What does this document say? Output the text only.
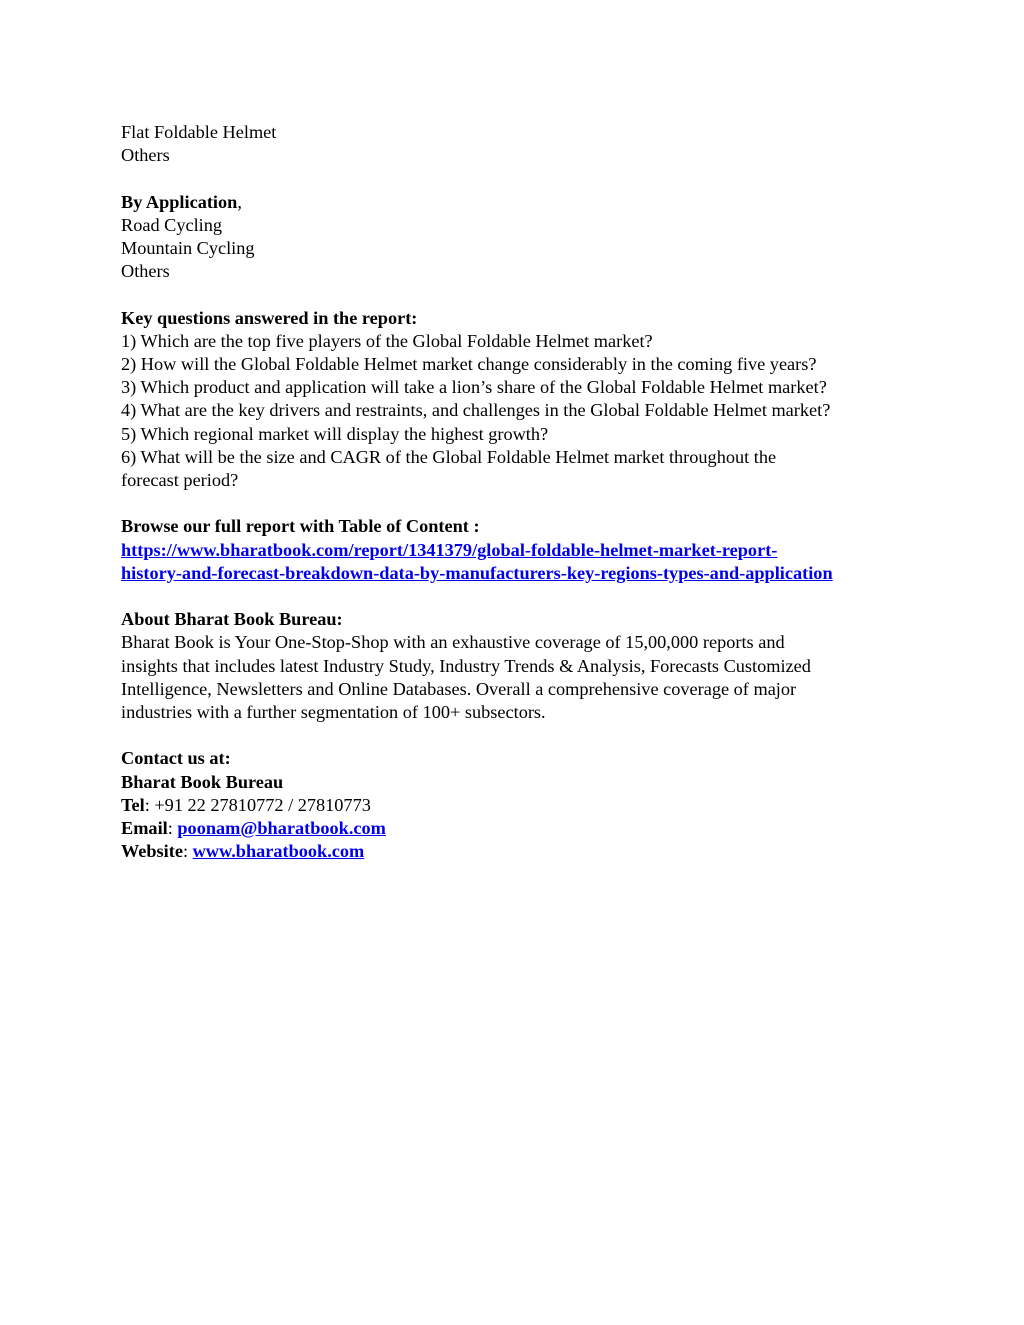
Flat Foldable Helmet
Others
By Application,
Road Cycling
Mountain Cycling
Others
Key questions answered in the report:
1) Which are the top five players of the Global Foldable Helmet market?
2) How will the Global Foldable Helmet market change considerably in the coming five years?
3) Which product and application will take a lion’s share of the Global Foldable Helmet market?
4) What are the key drivers and restraints, and challenges in the Global Foldable Helmet market?
5) Which regional market will display the highest growth?
6) What will be the size and CAGR of the Global Foldable Helmet market throughout the
forecast period?
Browse our full report with Table of Content :
https://www.bharatbook.com/report/1341379/global-foldable-helmet-market-report-
history-and-forecast-breakdown-data-by-manufacturers-key-regions-types-and-application
About Bharat Book Bureau:
Bharat Book is Your One-Stop-Shop with an exhaustive coverage of 15,00,000 reports and
insights that includes latest Industry Study, Industry Trends & Analysis, Forecasts Customized
Intelligence, Newsletters and Online Databases. Overall a comprehensive coverage of major
industries with a further segmentation of 100+ subsectors.
Contact us at:
Bharat Book Bureau
Tel: +91 22 27810772 / 27810773
Email: poonam@bharatbook.com
Website: www.bharatbook.com
